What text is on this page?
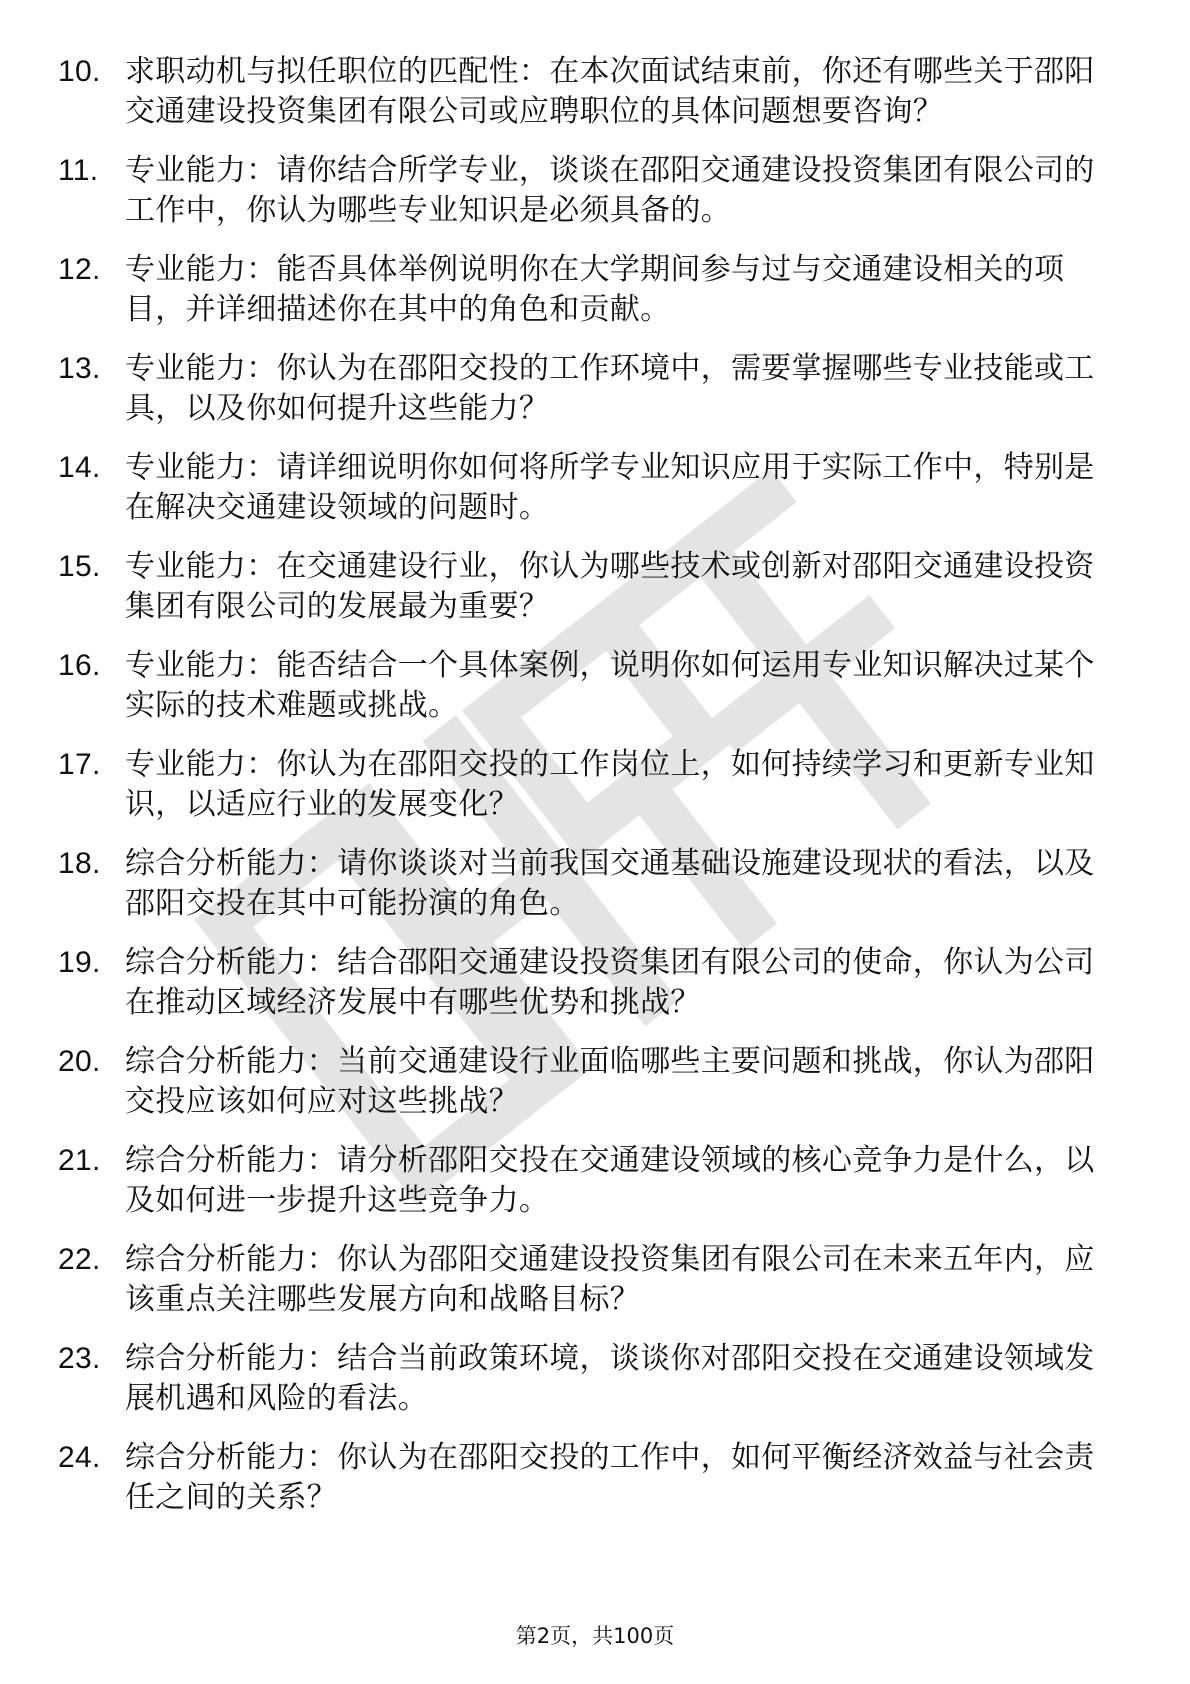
10. 求职动机与拟任职位的匹配性：在本次面试结束前，你还有哪些关于邵阳交通建设投资集团有限公司或应聘职位的具体问题想要咨询？
11. 专业能力：请你结合所学专业，谈谈在邵阳交通建设投资集团有限公司的工作中，你认为哪些专业知识是必须具备的。
12. 专业能力：能否具体举例说明你在大学期间参与过与交通建设相关的项目，并详细描述你在其中的角色和贡献。
13. 专业能力：你认为在邵阳交投的工作环境中，需要掌握哪些专业技能或工具，以及你如何提升这些能力？
14. 专业能力：请详细说明你如何将所学专业知识应用于实际工作中，特别是在解决交通建设领域的问题时。
15. 专业能力：在交通建设行业，你认为哪些技术或创新对邵阳交通建设投资集团有限公司的发展最为重要？
16. 专业能力：能否结合一个具体案例，说明你如何运用专业知识解决过某个实际的技术难题或挑战。
17. 专业能力：你认为在邵阳交投的工作岗位上，如何持续学习和更新专业知识，以适应行业的发展变化？
18. 综合分析能力：请你谈谈对当前我国交通基础设施建设现状的看法，以及邵阳交投在其中可能扮演的角色。
19. 综合分析能力：结合邵阳交通建设投资集团有限公司的使命，你认为公司在推动区域经济发展中有哪些优势和挑战？
20. 综合分析能力：当前交通建设行业面临哪些主要问题和挑战，你认为邵阳交投应该如何应对这些挑战？
21. 综合分析能力：请分析邵阳交投在交通建设领域的核心竞争力是什么，以及如何进一步提升这些竞争力。
22. 综合分析能力：你认为邵阳交通建设投资集团有限公司在未来五年内，应该重点关注哪些发展方向和战略目标？
23. 综合分析能力：结合当前政策环境，谈谈你对邵阳交投在交通建设领域发展机遇和风险的看法。
24. 综合分析能力：你认为在邵阳交投的工作中，如何平衡经济效益与社会责任之间的关系？
第2页，共100页
